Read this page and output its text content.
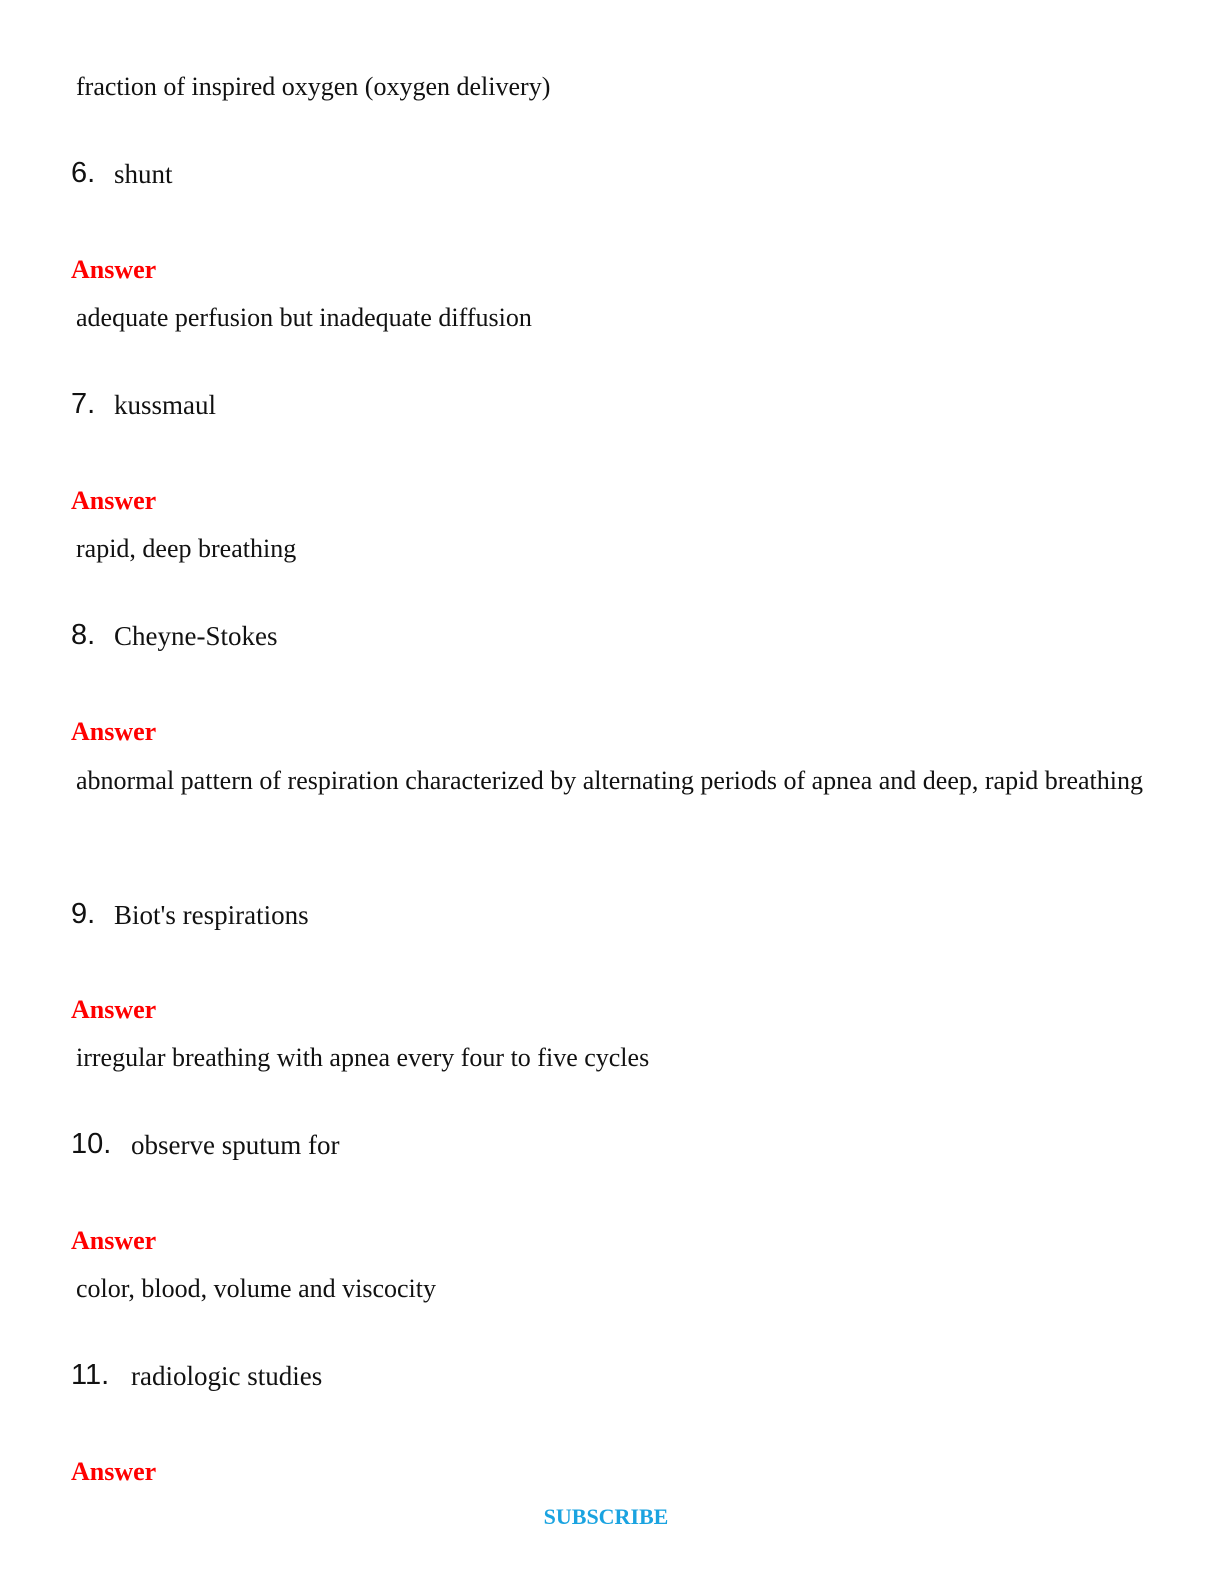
fraction of inspired oxygen (oxygen delivery)
6. shunt
Answer
adequate perfusion but inadequate diffusion
7. kussmaul
Answer
rapid, deep breathing
8. Cheyne-Stokes
Answer
abnormal pattern of respiration characterized by alternating periods of apnea and deep, rapid breathing
9. Biot's respirations
Answer
irregular breathing with apnea every four to five cycles
10. observe sputum for
Answer
color, blood, volume and viscocity
11. radiologic studies
Answer
SUBSCRIBE
